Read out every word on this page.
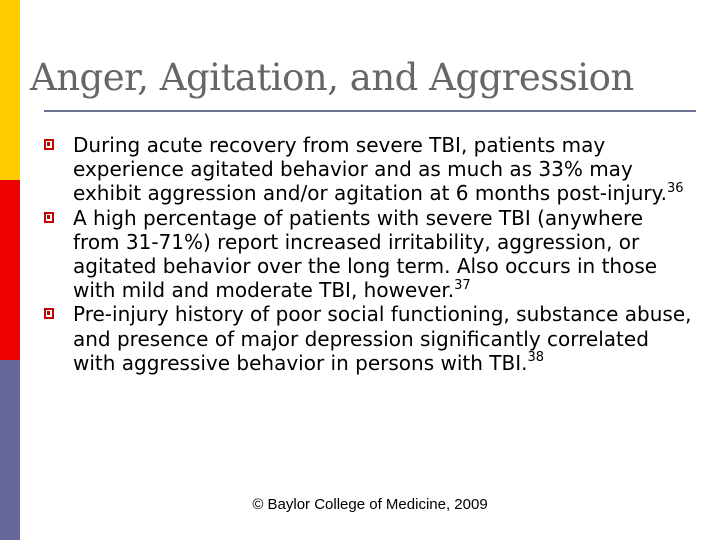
Anger, Agitation, and Aggression
During acute recovery from severe TBI, patients may experience agitated behavior and as much as 33% may exhibit aggression and/or agitation at 6 months post-injury.$^{36}$
A high percentage of patients with severe TBI (anywhere from 31-71%) report increased irritability, aggression, or agitated behavior over the long term. Also occurs in those with mild and moderate TBI, however.$^{37}$
Pre-injury history of poor social functioning, substance abuse, and presence of major depression significantly correlated with aggressive behavior in persons with TBI.$^{38}$
© Baylor College of Medicine, 2009
